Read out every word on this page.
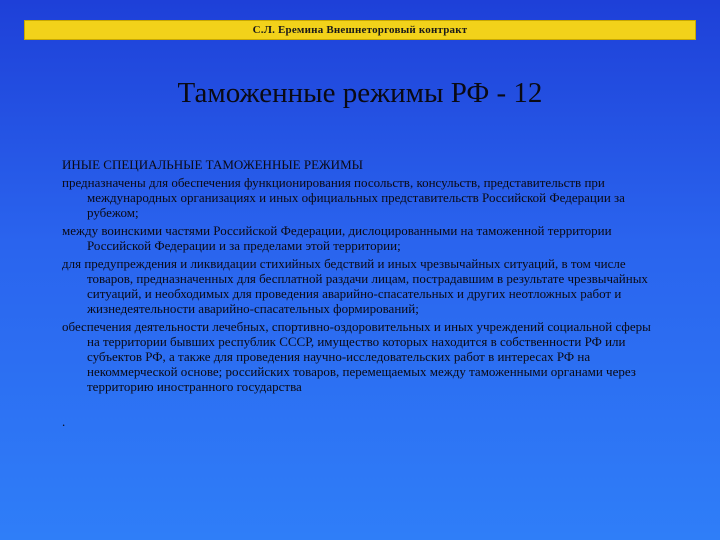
С.Л. Еремина Внешнеторговый контракт
Таможенные режимы РФ - 12

ИНЫЕ СПЕЦИАЛЬНЫЕ ТАМОЖЕННЫЕ РЕЖИМЫ

предназначены для обеспечения функционирования посольств, консульств, представительств при международных организациях и иных официальных представительств Российской Федерации за рубежом;

между воинскими частями Российской Федерации, дислоцированными на таможенной территории Российской Федерации и за пределами этой территории;

для предупреждения и ликвидации стихийных бедствий и иных чрезвычайных ситуаций, в том числе товаров, предназначенных для бесплатной раздачи лицам, пострадавшим в результате чрезвычайных ситуаций, и необходимых для проведения аварийно-спасательных и других неотложных работ и жизнедеятельности аварийно-спасательных формирований;

обеспечения деятельности лечебных, спортивно-оздоровительных и иных учреждений социальной сферы на территории бывших республик СССР, имущество которых находится в собственности РФ или субъектов РФ, а также для проведения научно-исследовательских работ в интересах РФ на некоммерческой основе; российских товаров, перемещаемых между таможенными органами через территорию иностранного государства

.
